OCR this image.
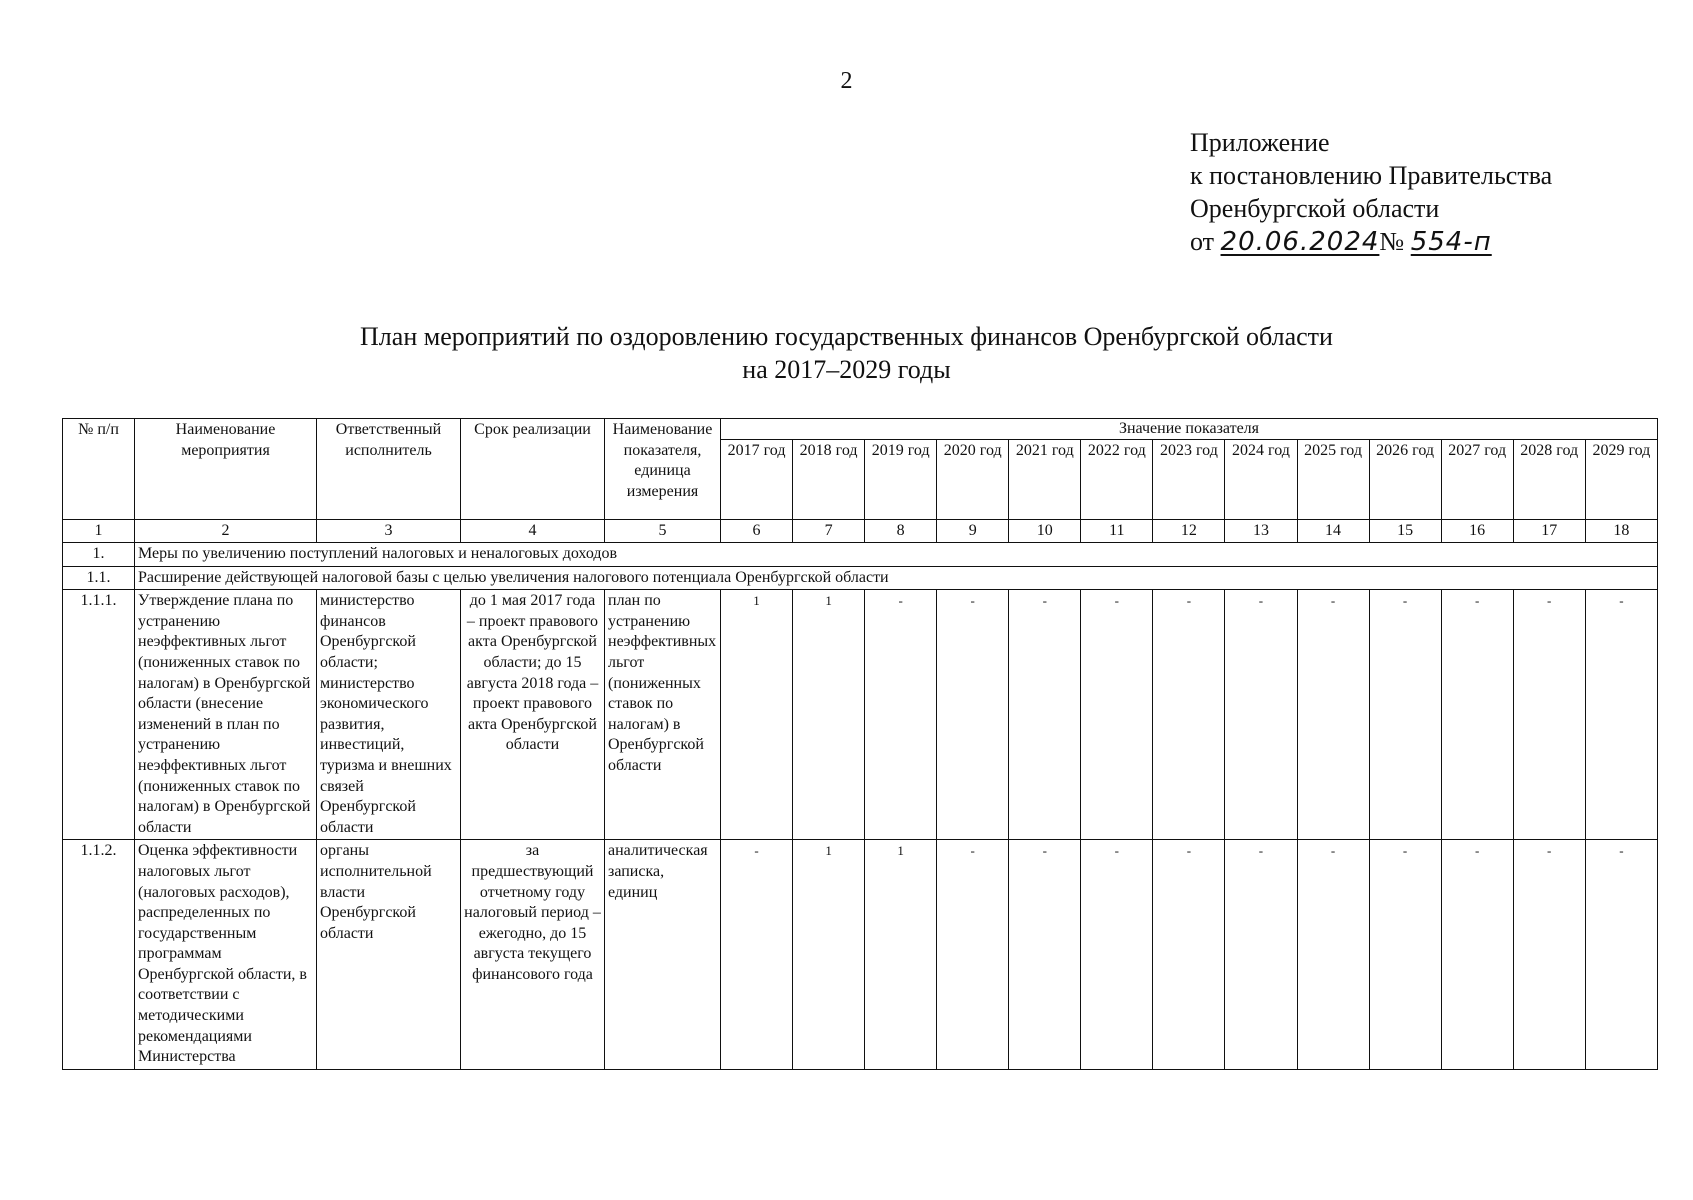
2
Приложение
к постановлению Правительства
Оренбургской области
от 20.06.2024№ 554-п
План мероприятий по оздоровлению государственных финансов Оренбургской области
на 2017–2029 годы
№ п/п	Наименование мероприятия	Ответственный исполнитель	Срок реализации	Наименование показателя, единица измерения	Значение показателя												
					2017 год	2018 год	2019 год	2020 год	2021 год	2022 год	2023 год	2024 год	2025 год	2026 год	2027 год	2028 год	2029 год
1	2	3	4	5	6	7	8	9	10	11	12	13	14	15	16	17	18
1.	Меры по увеличению поступлений налоговых и неналоговых доходов																
1.1.	Расширение действующей налоговой базы с целью увеличения налогового потенциала Оренбургской области																
1.1.1.	Утверждение плана по устранению неэффективных льгот (пониженных ставок по налогам) в Оренбургской области (внесение изменений в план по устранению неэффективных льгот (пониженных ставок по налогам) в Оренбургской области	министерство финансов Оренбургской области; министерство экономического развития, инвестиций, туризма и внешних связей Оренбургской области	до 1 мая 2017 года – проект правового акта Оренбургской области; до 15 августа 2018 года – проект правового акта Оренбургской области	план по устранению неэффективных льгот (пониженных ставок по налогам) в Оренбургской области	1	1	-	-	-	-	-	-	-	-	-	-	-
1.1.2.	Оценка эффективности налоговых льгот (налоговых расходов), распределенных по государственным программам Оренбургской области, в соответствии с методическими рекомендациями Министерства	органы исполнительной власти Оренбургской области	за предшествующий отчетному году налоговый период – ежегодно, до 15 августа текущего финансового года	аналитическая записка, единиц	-	1	1	-	-	-	-	-	-	-	-	-	-
